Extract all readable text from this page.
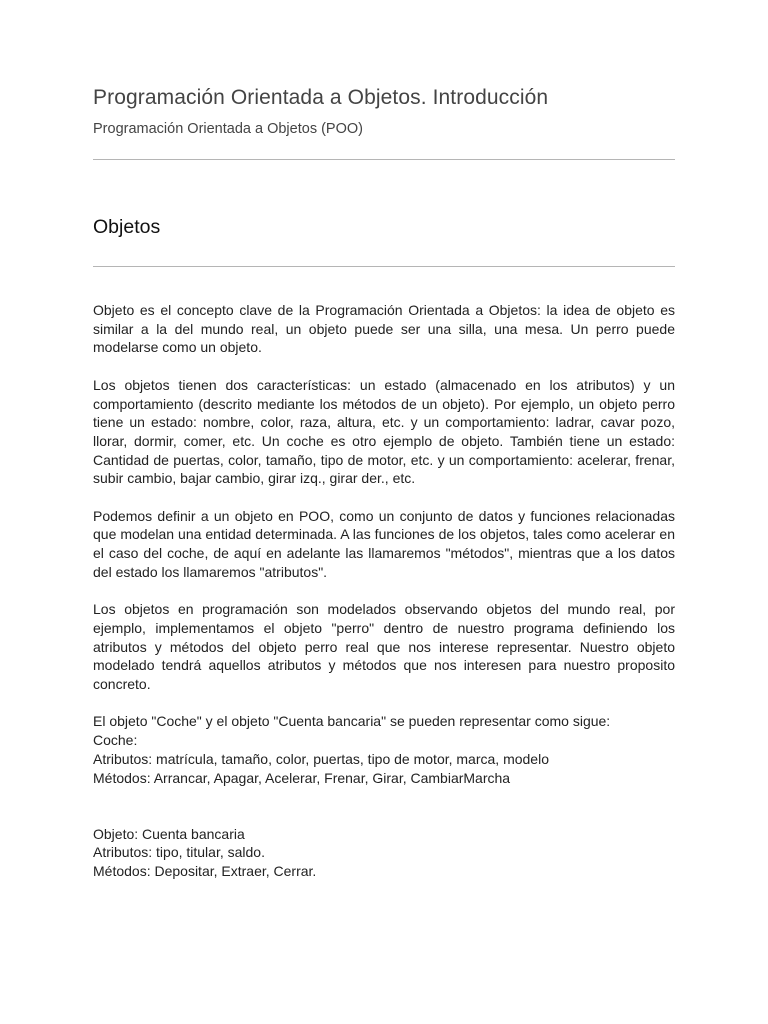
Programación Orientada a Objetos. Introducción
Programación Orientada a Objetos (POO)
Objetos

Objeto es el concepto clave de la Programación Orientada a Objetos: la idea de objeto es similar a la del mundo real, un objeto puede ser una silla, una mesa. Un perro puede modelarse como un objeto.

Los objetos tienen dos características: un estado (almacenado en los atributos) y un comportamiento (descrito mediante los métodos de un objeto). Por ejemplo, un objeto perro tiene un estado: nombre, color, raza, altura, etc. y un comportamiento: ladrar, cavar pozo, llorar, dormir, comer, etc. Un coche es otro ejemplo de objeto. También tiene un estado: Cantidad de puertas, color, tamaño, tipo de motor, etc. y un comportamiento: acelerar, frenar, subir cambio, bajar cambio, girar izq., girar der., etc.

Podemos definir a un objeto en POO, como un conjunto de datos y funciones relacionadas que modelan una entidad determinada. A las funciones de los objetos, tales como acelerar en el caso del coche, de aquí en adelante las llamaremos "métodos", mientras que a los datos del estado los llamaremos "atributos".

Los objetos en programación son modelados observando objetos del mundo real, por ejemplo, implementamos el objeto "perro" dentro de nuestro programa definiendo los atributos y métodos del objeto perro real que nos interese representar. Nuestro objeto modelado tendrá aquellos atributos y métodos que nos interesen para nuestro proposito concreto.

El objeto "Coche" y el objeto "Cuenta bancaria" se pueden representar como sigue:

Coche:

Atributos: matrícula, tamaño, color, puertas, tipo de motor, marca, modelo

Métodos: Arrancar, Apagar, Acelerar, Frenar, Girar, CambiarMarcha

Objeto: Cuenta bancaria

Atributos: tipo, titular, saldo.

Métodos: Depositar, Extraer, Cerrar.
